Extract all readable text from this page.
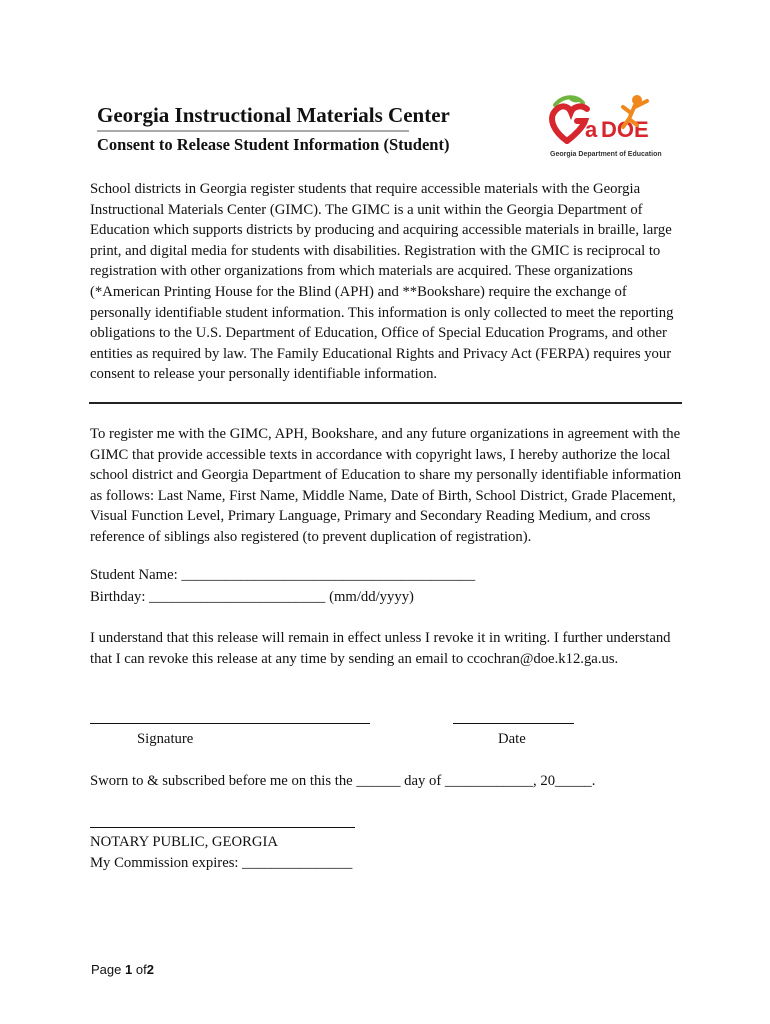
Georgia Instructional Materials Center
Consent to Release Student Information (Student)
a DOE
Georgia Department of Education

School districts in Georgia register students that require accessible materials with the Georgia Instructional Materials Center (GIMC). The GIMC is a unit within the Georgia Department of Education which supports districts by producing and acquiring accessible materials in braille, large print, and digital media for students with disabilities. Registration with the GMIC is reciprocal to registration with other organizations from which materials are acquired. These organizations (*American Printing House for the Blind (APH) and **Bookshare) require the exchange of personally identifiable student information. This information is only collected to meet the reporting obligations to the U.S. Department of Education, Office of Special Education Programs, and other entities as required by law. The Family Educational Rights and Privacy Act (FERPA) requires your consent to release your personally identifiable information.

To register me with the GIMC, APH, Bookshare, and any future organizations in agreement with the GIMC that provide accessible texts in accordance with copyright laws, I hereby authorize the local school district and Georgia Department of Education to share my personally identifiable information as follows: Last Name, First Name, Middle Name, Date of Birth, School District, Grade Placement, Visual Function Level, Primary Language, Primary and Secondary Reading Medium, and cross reference of siblings also registered (to prevent duplication of registration).

Student Name: ________________________________________
Birthday: ________________________ (mm/dd/yyyy)

I understand that this release will remain in effect unless I revoke it in writing. I further understand that I can revoke this release at any time by sending an email to ccochran@doe.k12.ga.us.

Signature	Date
Sworn to & subscribed before me on this the ______ day of ____________, 20_____.
NOTARY PUBLIC, GEORGIA
My Commission expires: _______________
Page 1 of2
